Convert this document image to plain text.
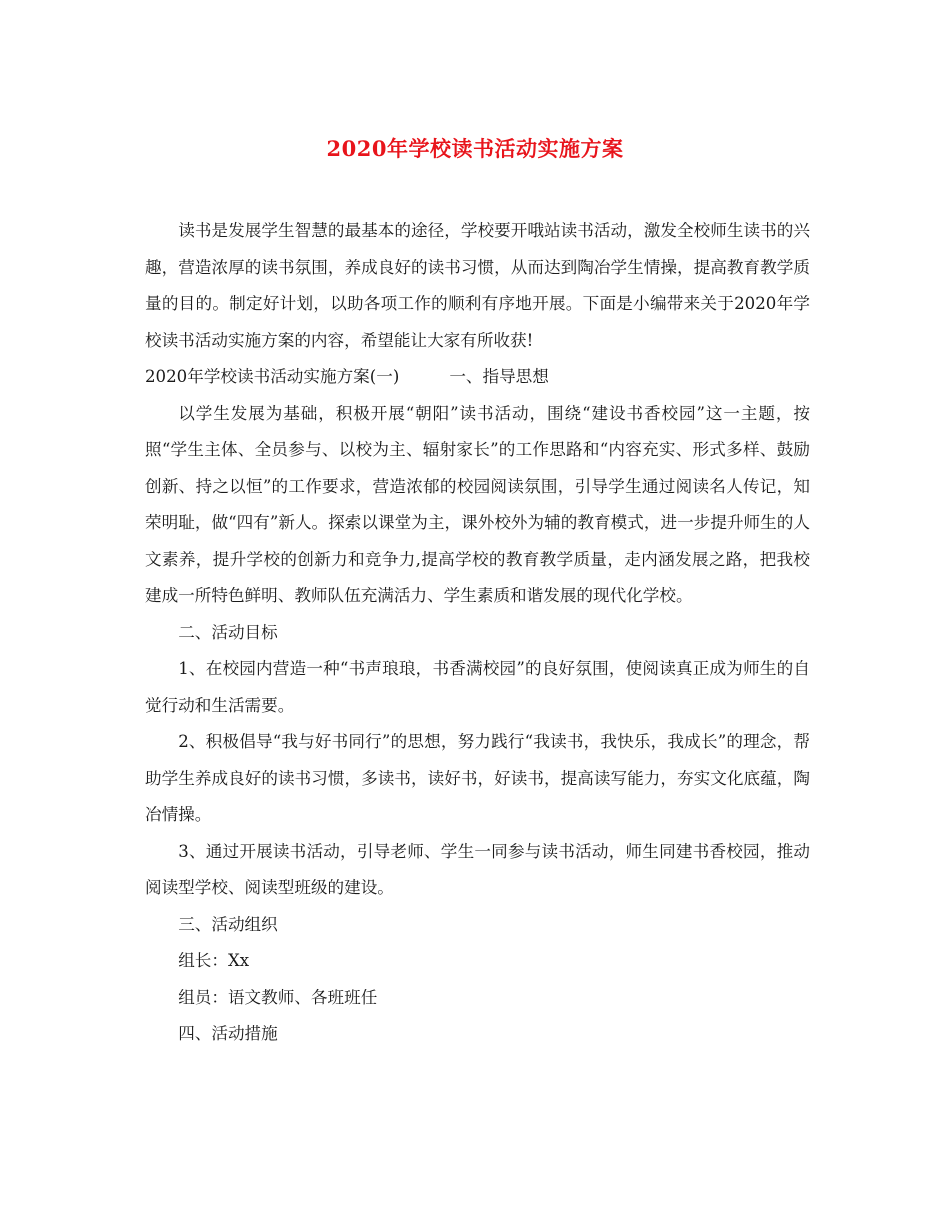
2020年学校读书活动实施方案

读书是发展学生智慧的最基本的途径，学校要开哦站读书活动，激发全校师生读书的兴趣，营造浓厚的读书氛围，养成良好的读书习惯，从而达到陶冶学生情操，提高教育教学质量的目的。制定好计划，以助各项工作的顺利有序地开展。下面是小编带来关于2020年学校读书活动实施方案的内容，希望能让大家有所收获!

2020年学校读书活动实施方案(一)	一、指导思想

以学生发展为基础，积极开展“朝阳”读书活动，围绕“建设书香校园”这一主题，按照“学生主体、全员参与、以校为主、辐射家长”的工作思路和“内容充实、形式多样、鼓励创新、持之以恒”的工作要求，营造浓郁的校园阅读氛围，引导学生通过阅读名人传记，知荣明耻，做“四有”新人。探索以课堂为主，课外校外为辅的教育模式，进一步提升师生的人文素养，提升学校的创新力和竞争力,提高学校的教育教学质量，走内涵发展之路，把我校建成一所特色鲜明、教师队伍充满活力、学生素质和谐发展的现代化学校。

二、活动目标

1、在校园内营造一种“书声琅琅，书香满校园”的良好氛围，使阅读真正成为师生的自觉行动和生活需要。

2、积极倡导“我与好书同行”的思想，努力践行“我读书，我快乐，我成长”的理念，帮助学生养成良好的读书习惯，多读书，读好书，好读书，提高读写能力，夯实文化底蕴，陶冶情操。

3、通过开展读书活动，引导老师、学生一同参与读书活动，师生同建书香校园，推动阅读型学校、阅读型班级的建设。

三、活动组织

组长：Xx

组员：语文教师、各班班任

四、活动措施
